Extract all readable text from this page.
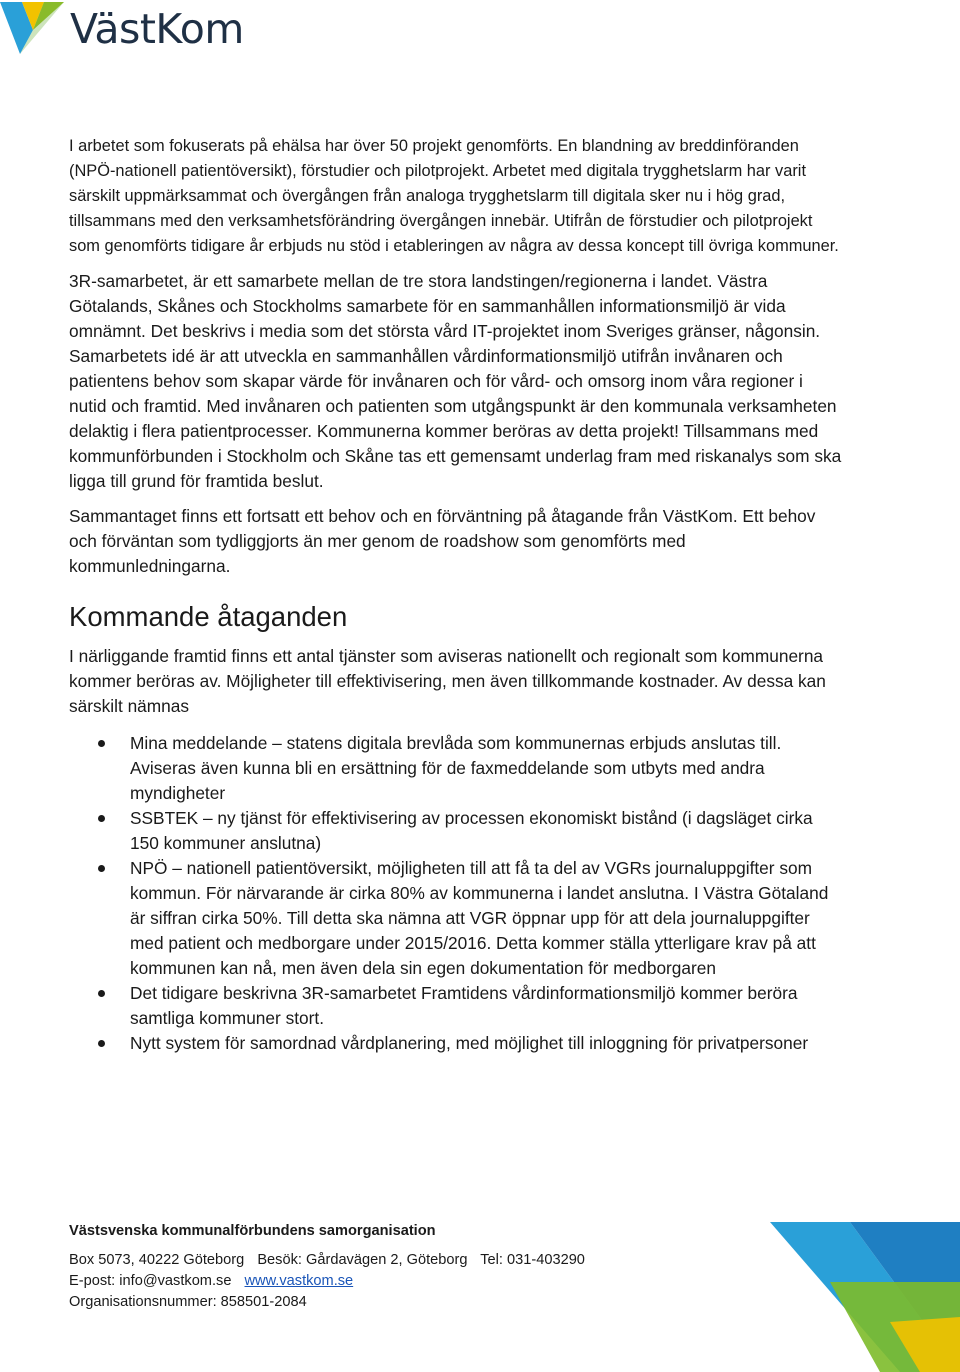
VästKom

I arbetet som fokuserats på ehälsa har över 50 projekt genomförts. En blandning av breddinföranden (NPÖ-nationell patientöversikt), förstudier och pilotprojekt. Arbetet med digitala trygghetslarm har varit särskilt uppmärksammat och övergången från analoga trygghetslarm till digitala sker nu i hög grad, tillsammans med den verksamhetsförändring övergången innebär. Utifrån de förstudier och pilotprojekt som genomförts tidigare år erbjuds nu stöd i etableringen av några av dessa koncept till övriga kommuner.

3R-samarbetet, är ett samarbete mellan de tre stora landstingen/regionerna i landet. Västra Götalands, Skånes och Stockholms samarbete för en sammanhållen informationsmiljö är vida omnämnt. Det beskrivs i media som det största vård IT-projektet inom Sveriges gränser, någonsin. Samarbetets idé är att utveckla en sammanhållen vårdinformationsmiljö utifrån invånaren och patientens behov som skapar värde för invånaren och för vård- och omsorg inom våra regioner i nutid och framtid. Med invånaren och patienten som utgångspunkt är den kommunala verksamheten delaktig i flera patientprocesser. Kommunerna kommer beröras av detta projekt! Tillsammans med kommunförbunden i Stockholm och Skåne tas ett gemensamt underlag fram med riskanalys som ska ligga till grund för framtida beslut.

Sammantaget finns ett fortsatt ett behov och en förväntning på åtagande från VästKom. Ett behov och förväntan som tydliggjorts än mer genom de roadshow som genomförts med kommunledningarna.

Kommande åtaganden

I närliggande framtid finns ett antal tjänster som aviseras nationellt och regionalt som kommunerna kommer beröras av. Möjligheter till effektivisering, men även tillkommande kostnader. Av dessa kan särskilt nämnas

Mina meddelande – statens digitala brevlåda som kommunernas erbjuds anslutas till. Aviseras även kunna bli en ersättning för de faxmeddelande som utbyts med andra myndigheter
SSBTEK – ny tjänst för effektivisering av processen ekonomiskt bistånd (i dagsläget cirka 150 kommuner anslutna)
NPÖ – nationell patientöversikt, möjligheten till att få ta del av VGRs journaluppgifter som kommun. För närvarande är cirka 80% av kommunerna i landet anslutna. I Västra Götaland är siffran cirka 50%. Till detta ska nämna att VGR öppnar upp för att dela journaluppgifter med patient och medborgare under 2015/2016. Detta kommer ställa ytterligare krav på att kommunen kan nå, men även dela sin egen dokumentation för medborgaren
Det tidigare beskrivna 3R-samarbetet Framtidens vårdinformationsmiljö kommer beröra samtliga kommuner stort.
Nytt system för samordnad vårdplanering, med möjlighet till inloggning för privatpersoner
Västsvenska kommunalförbundens samorganisation
Box 5073, 40222 Göteborg Besök: Gårdavägen 2, Göteborg Tel: 031-403290
E-post: info@vastkom.se www.vastkom.se
Organisationsnummer: 858501-2084
